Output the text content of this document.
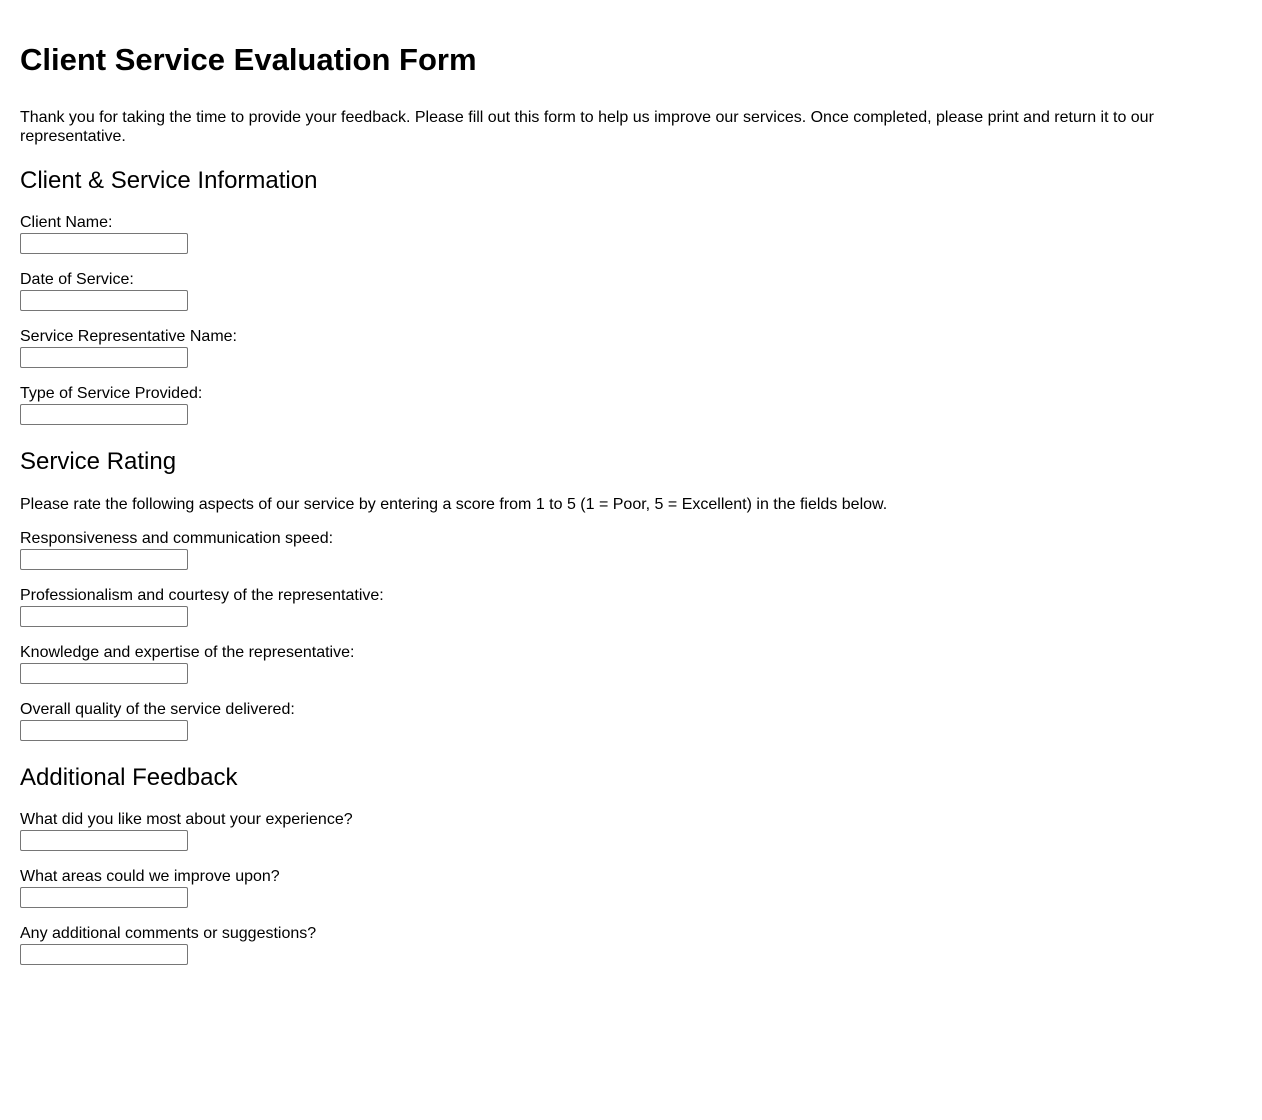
Client Service Evaluation Form

Thank you for taking the time to provide your feedback. Please fill out this form to help us improve our services. Once completed, please print and return it to our representative.

Client & Service Information
Client Name:
Date of Service:
Service Representative Name:
Type of Service Provided:
Service Rating

Please rate the following aspects of our service by entering a score from 1 to 5 (1 = Poor, 5 = Excellent) in the fields below.

Responsiveness and communication speed:
Professionalism and courtesy of the representative:
Knowledge and expertise of the representative:
Overall quality of the service delivered:
Additional Feedback
What did you like most about your experience?
What areas could we improve upon?
Any additional comments or suggestions?
